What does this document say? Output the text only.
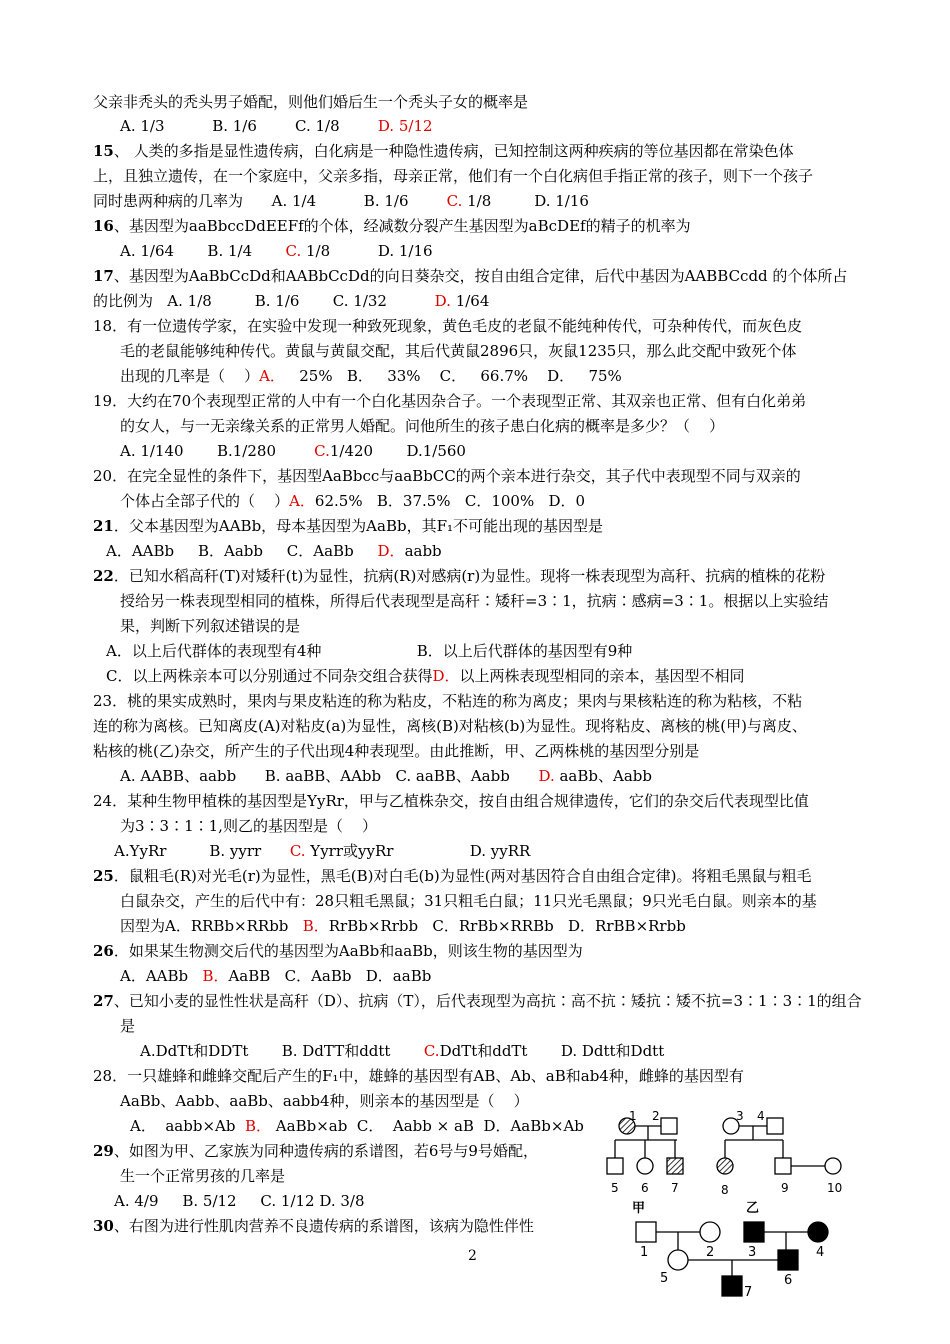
父亲非秃头的秃头男子婚配，则他们婚后生一个秃头子女的概率是
A. 1/3          B. 1/6        C. 1/8        D. 5/12
15、 人类的多指是显性遗传病，白化病是一种隐性遗传病，已知控制这两种疾病的等位基因都在常染色体
上，且独立遗传，在一个家庭中，父亲多指，母亲正常，他们有一个白化病但手指正常的孩子，则下一个孩子
同时患两种病的几率为      A. 1/4          B. 1/6        C. 1/8         D. 1/16
16、基因型为aaBbccDdEEFf的个体，经减数分裂产生基因型为aBcDEf的精子的机率为
A. 1/64       B. 1/4       C. 1/8          D. 1/16
17、基因型为AaBbCcDd和AABbCcDd的向日葵杂交，按自由组合定律，后代中基因为AABBCcdd 的个体所占
的比例为   A. 1/8         B. 1/6       C. 1/32          D. 1/64
18．有一位遗传学家，在实验中发现一种致死现象，黄色毛皮的老鼠不能纯种传代，可杂种传代，而灰色皮
毛的老鼠能够纯种传代。黄鼠与黄鼠交配，其后代黄鼠2896只，灰鼠1235只，那么此交配中致死个体
出现的几率是（    ）A．   25%   B．   33%    C．   66.7%    D．   75%
19．大约在70个表现型正常的人中有一个白化基因杂合子。一个表现型正常、其双亲也正常、但有白化弟弟
的女人，与一无亲缘关系的正常男人婚配。问他所生的孩子患白化病的概率是多少？（    ）
A. 1/140       B.1/280        C.1/420       D.1/560
20．在完全显性的条件下，基因型AaBbcc与aaBbCC的两个亲本进行杂交，其子代中表现型不同与双亲的
个体占全部子代的（    ）A．62.5%   B．37.5%   C．100%   D．0
21．父本基因型为AABb，母本基因型为AaBb，其F₁不可能出现的基因型是
A．AABb     B．Aabb     C．AaBb     D．aabb
22．已知水稻高秆(T)对矮秆(t)为显性，抗病(R)对感病(r)为显性。现将一株表现型为高秆、抗病的植株的花粉
授给另一株表现型相同的植株，所得后代表现型是高秆∶矮秆=3∶1，抗病∶感病=3∶1。根据以上实验结
果，判断下列叙述错误的是
A．以上后代群体的表现型有4种                    B．以上后代群体的基因型有9种
C．以上两株亲本可以分别通过不同杂交组合获得D．以上两株表现型相同的亲本，基因型不相同
23．桃的果实成熟时，果肉与果皮粘连的称为粘皮，不粘连的称为离皮；果肉与果核粘连的称为粘核，不粘
连的称为离核。已知离皮(A)对粘皮(a)为显性，离核(B)对粘核(b)为显性。现将粘皮、离核的桃(甲)与离皮、
粘核的桃(乙)杂交，所产生的子代出现4种表现型。由此推断，甲、乙两株桃的基因型分别是
A. AABB、aabb      B. aaBB、AAbb   C. aaBB、Aabb      D. aaBb、Aabb
24．某种生物甲植株的基因型是YyRr，甲与乙植株杂交，按自由组合规律遗传，它们的杂交后代表现型比值
为3∶3∶1∶1,则乙的基因型是（    ）
A.YyRr         B. yyrr      C. Yyrr或yyRr                D. yyRR
25．鼠粗毛(R)对光毛(r)为显性，黑毛(B)对白毛(b)为显性(两对基因符合自由组合定律)。将粗毛黑鼠与粗毛
白鼠杂交，产生的后代中有：28只粗毛黑鼠；31只粗毛白鼠；11只光毛黑鼠；9只光毛白鼠。则亲本的基
因型为A．RRBb×RRbb   B．RrBb×Rrbb   C．RrBb×RRBb   D．RrBB×Rrbb
26．如果某生物测交后代的基因型为AaBb和aaBb，则该生物的基因型为
A．AABb   B．AaBB   C．AaBb   D．aaBb
27、已知小麦的显性性状是高秆（D）、抗病（T），后代表现型为高抗∶高不抗∶矮抗∶矮不抗=3∶1∶3∶1的组合
是
A.DdTt和DDTt       B. DdTT和ddtt       C.DdTt和ddTt       D. Ddtt和Ddtt
28．一只雄蜂和雌蜂交配后产生的F₁中，雄蜂的基因型有AB、Ab、aB和ab4种，雌蜂的基因型有
AaBb、Aabb、aaBb、aabb4种，则亲本的基因型是（    ）
A．  aabb×Ab  B． AaBb×ab  C．  Aabb × aB  D．AaBb×Ab
29、如图为甲、乙家族为同种遗传病的系谱图，若6号与9号婚配，
生一个正常男孩的几率是
A. 4/9     B. 5/12     C. 1/12 D. 3/8
30、右图为进行性肌肉营养不良遗传病的系谱图，该病为隐性伴性
1 2	3 4
5 6 7	8	9	10
甲	乙
1	2	3	4
5	6
7
2
